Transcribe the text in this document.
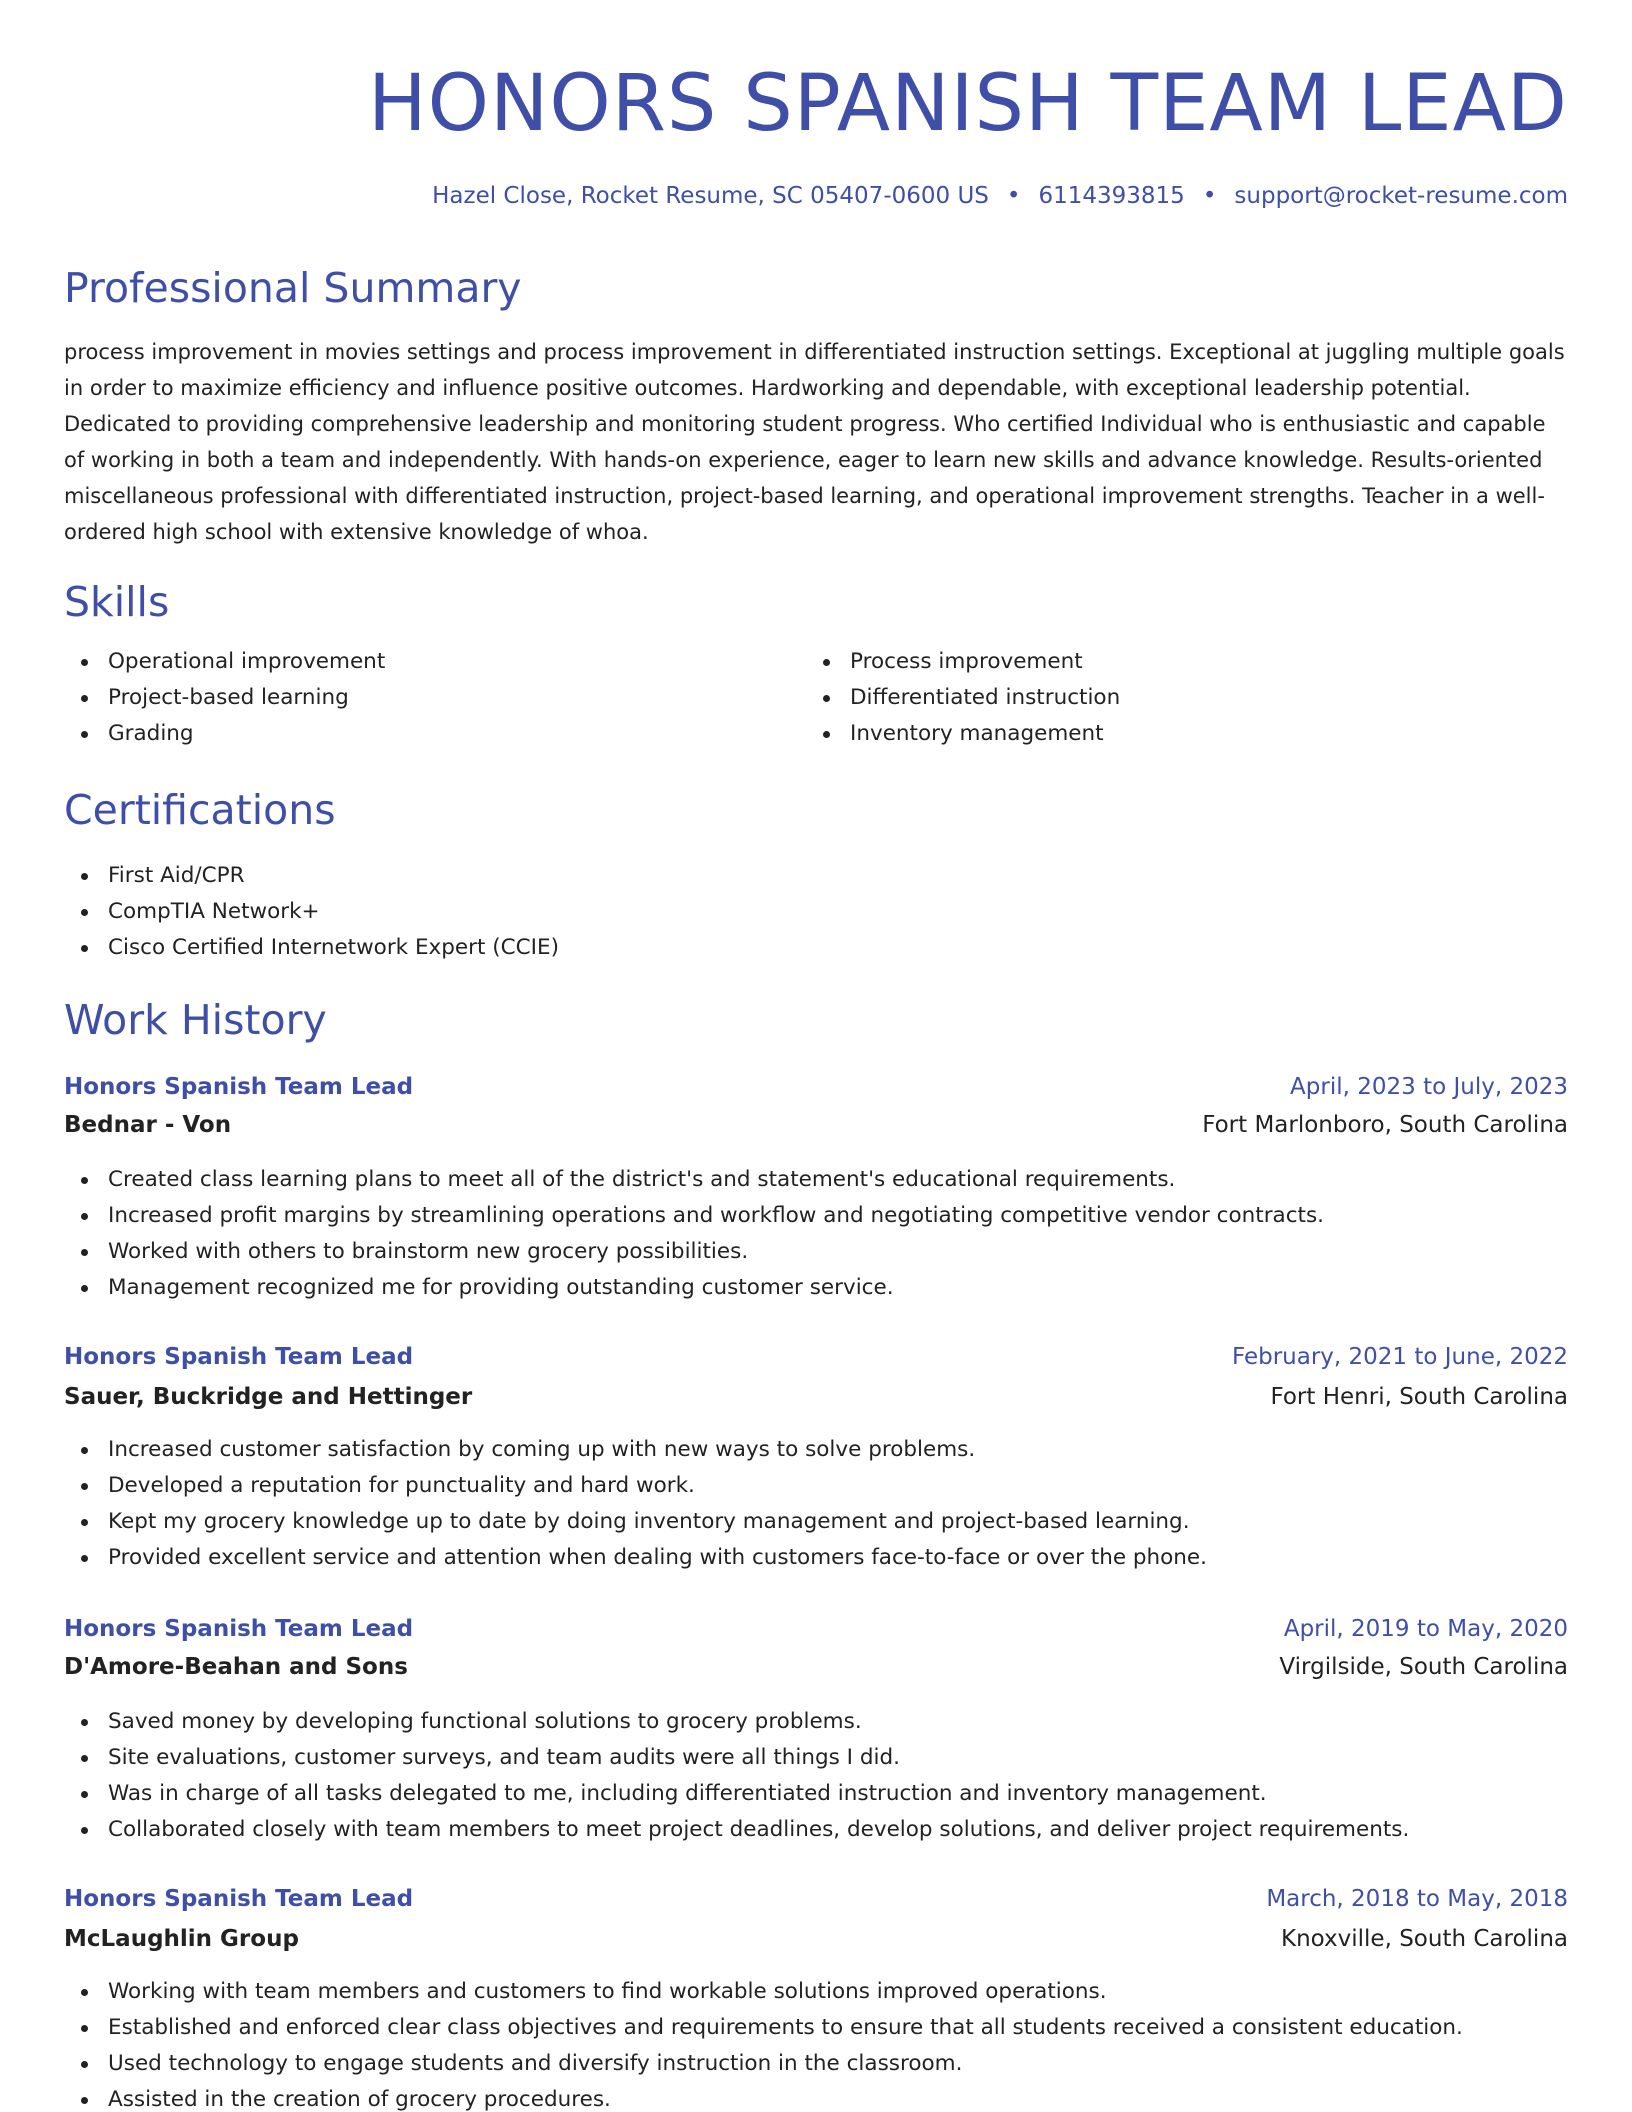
HONORS SPANISH TEAM LEAD
Hazel Close, Rocket Resume, SC 05407-0600 US • 6114393815 • support@rocket-resume.com
Professional Summary

process improvement in movies settings and process improvement in differentiated instruction settings. Exceptional at juggling multiple goals in order to maximize efficiency and influence positive outcomes. Hardworking and dependable, with exceptional leadership potential. Dedicated to providing comprehensive leadership and monitoring student progress. Who certified Individual who is enthusiastic and capable of working in both a team and independently. With hands-on experience, eager to learn new skills and advance knowledge. Results-oriented miscellaneous professional with differentiated instruction, project-based learning, and operational improvement strengths. Teacher in a well-ordered high school with extensive knowledge of whoa.

Skills
Operational improvement
Project-based learning
Grading
Process improvement
Differentiated instruction
Inventory management
Certifications
First Aid/CPR
CompTIA Network+
Cisco Certified Internetwork Expert (CCIE)
Work History
Honors Spanish Team Lead	April, 2023 to July, 2023
Bednar - Von	Fort Marlonboro, South Carolina
Created class learning plans to meet all of the district's and statement's educational requirements.
Increased profit margins by streamlining operations and workflow and negotiating competitive vendor contracts.
Worked with others to brainstorm new grocery possibilities.
Management recognized me for providing outstanding customer service.
Honors Spanish Team Lead	February, 2021 to June, 2022
Sauer, Buckridge and Hettinger	Fort Henri, South Carolina
Increased customer satisfaction by coming up with new ways to solve problems.
Developed a reputation for punctuality and hard work.
Kept my grocery knowledge up to date by doing inventory management and project-based learning.
Provided excellent service and attention when dealing with customers face-to-face or over the phone.
Honors Spanish Team Lead	April, 2019 to May, 2020
D'Amore-Beahan and Sons	Virgilside, South Carolina
Saved money by developing functional solutions to grocery problems.
Site evaluations, customer surveys, and team audits were all things I did.
Was in charge of all tasks delegated to me, including differentiated instruction and inventory management.
Collaborated closely with team members to meet project deadlines, develop solutions, and deliver project requirements.
Honors Spanish Team Lead	March, 2018 to May, 2018
McLaughlin Group	Knoxville, South Carolina
Working with team members and customers to find workable solutions improved operations.
Established and enforced clear class objectives and requirements to ensure that all students received a consistent education.
Used technology to engage students and diversify instruction in the classroom.
Assisted in the creation of grocery procedures.
